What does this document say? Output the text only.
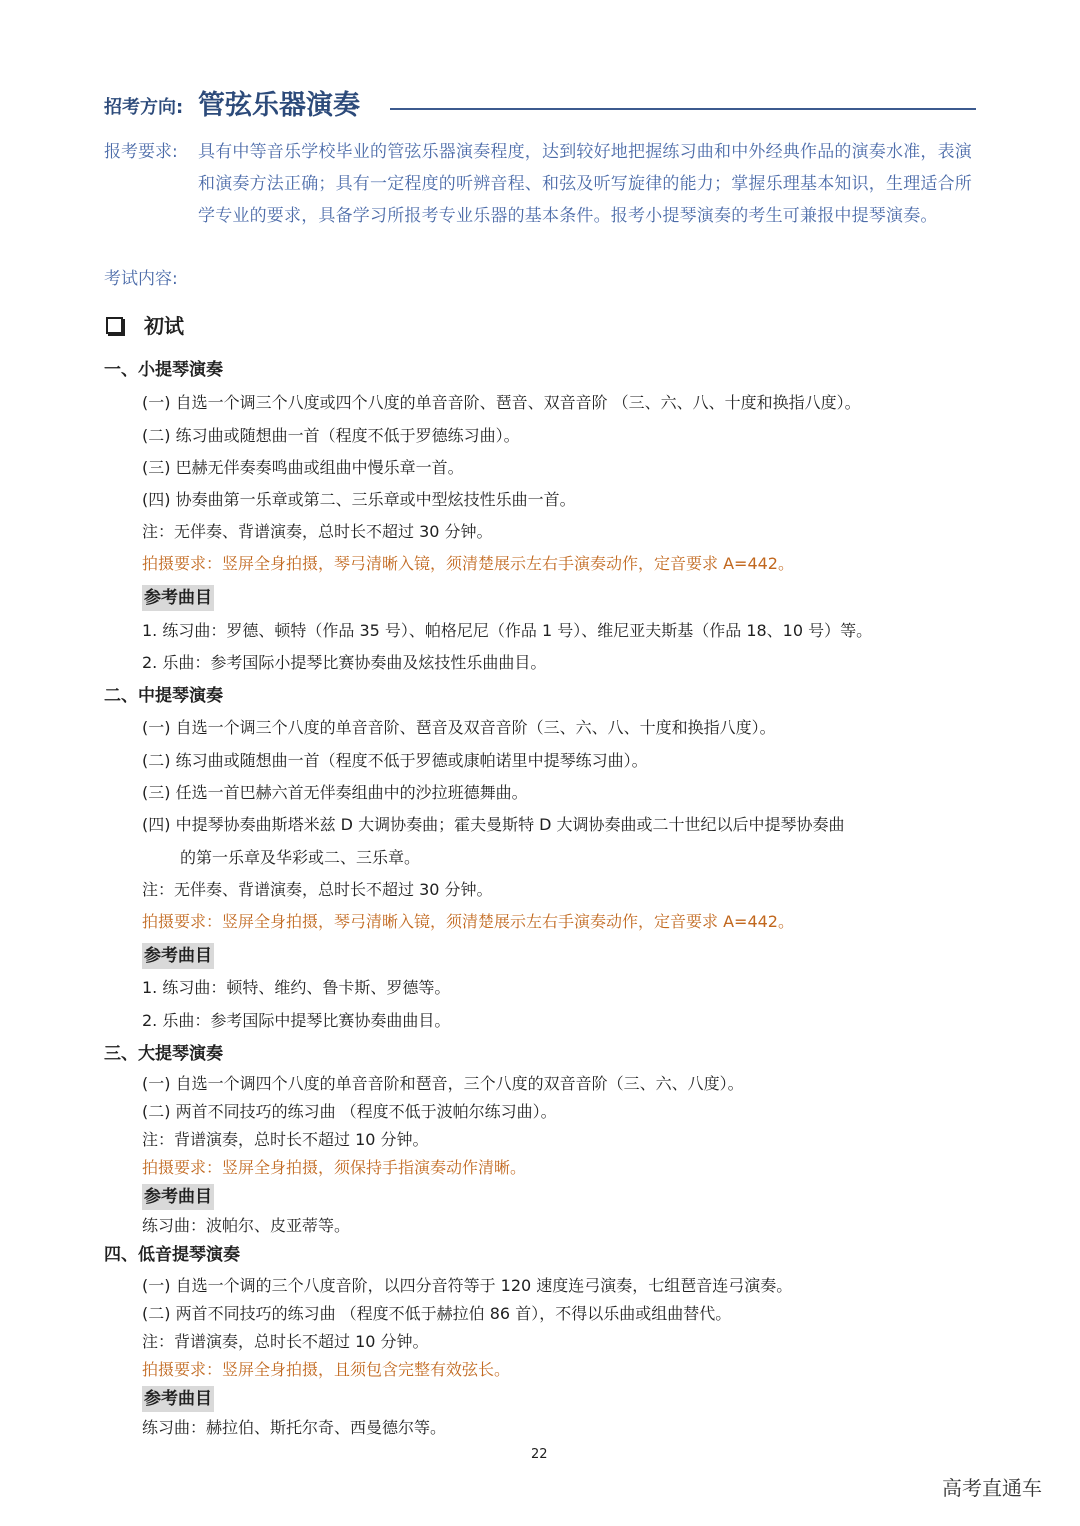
招考方向: 管弦乐器演奏
报考要求: 具有中等音乐学校毕业的管弦乐器演奏程度，达到较好地把握练习曲和中外经典作品的演奏水准，表演和演奏方法正确；具有一定程度的听辨音程、和弦及听写旋律的能力；掌握乐理基本知识，生理适合所学专业的要求，具备学习所报考专业乐器的基本条件。报考小提琴演奏的考生可兼报中提琴演奏。
考试内容:
初试
一、小提琴演奏
(一) 自选一个调三个八度或四个八度的单音音阶、琶音、双音音阶 （三、六、八、十度和换指八度）。
(二) 练习曲或随想曲一首（程度不低于罗德练习曲）。
(三) 巴赫无伴奏奏鸣曲或组曲中慢乐章一首。
(四) 协奏曲第一乐章或第二、三乐章或中型炫技性乐曲一首。
注：无伴奏、背谱演奏，总时长不超过 30 分钟。
拍摄要求：竖屏全身拍摄，琴弓清晰入镜，须清楚展示左右手演奏动作，定音要求 A=442。
参考曲目
1. 练习曲：罗德、顿特（作品 35 号）、帕格尼尼（作品 1 号）、维尼亚夫斯基（作品 18、10 号）等。
2. 乐曲：参考国际小提琴比赛协奏曲及炫技性乐曲曲目。
二、中提琴演奏
(一) 自选一个调三个八度的单音音阶、琶音及双音音阶（三、六、八、十度和换指八度）。
(二) 练习曲或随想曲一首（程度不低于罗德或康帕诺里中提琴练习曲）。
(三) 任选一首巴赫六首无伴奏组曲中的沙拉班德舞曲。
(四) 中提琴协奏曲斯塔米兹 D 大调协奏曲；霍夫曼斯特 D 大调协奏曲或二十世纪以后中提琴协奏曲
的第一乐章及华彩或二、三乐章。
注：无伴奏、背谱演奏，总时长不超过 30 分钟。
拍摄要求：竖屏全身拍摄，琴弓清晰入镜，须清楚展示左右手演奏动作，定音要求 A=442。
参考曲目
1. 练习曲：顿特、维约、鲁卡斯、罗德等。
2. 乐曲：参考国际中提琴比赛协奏曲曲目。
三、大提琴演奏
(一) 自选一个调四个八度的单音音阶和琶音，三个八度的双音音阶（三、六、八度）。
(二) 两首不同技巧的练习曲 （程度不低于波帕尔练习曲）。
注：背谱演奏，总时长不超过 10 分钟。
拍摄要求：竖屏全身拍摄，须保持手指演奏动作清晰。
参考曲目
练习曲：波帕尔、皮亚蒂等。
四、低音提琴演奏
(一) 自选一个调的三个八度音阶，以四分音符等于 120 速度连弓演奏，七组琶音连弓演奏。
(二) 两首不同技巧的练习曲 （程度不低于赫拉伯 86 首），不得以乐曲或组曲替代。
注：背谱演奏，总时长不超过 10 分钟。
拍摄要求：竖屏全身拍摄，且须包含完整有效弦长。
参考曲目
练习曲：赫拉伯、斯托尔奇、西曼德尔等。
22
高考直通车
